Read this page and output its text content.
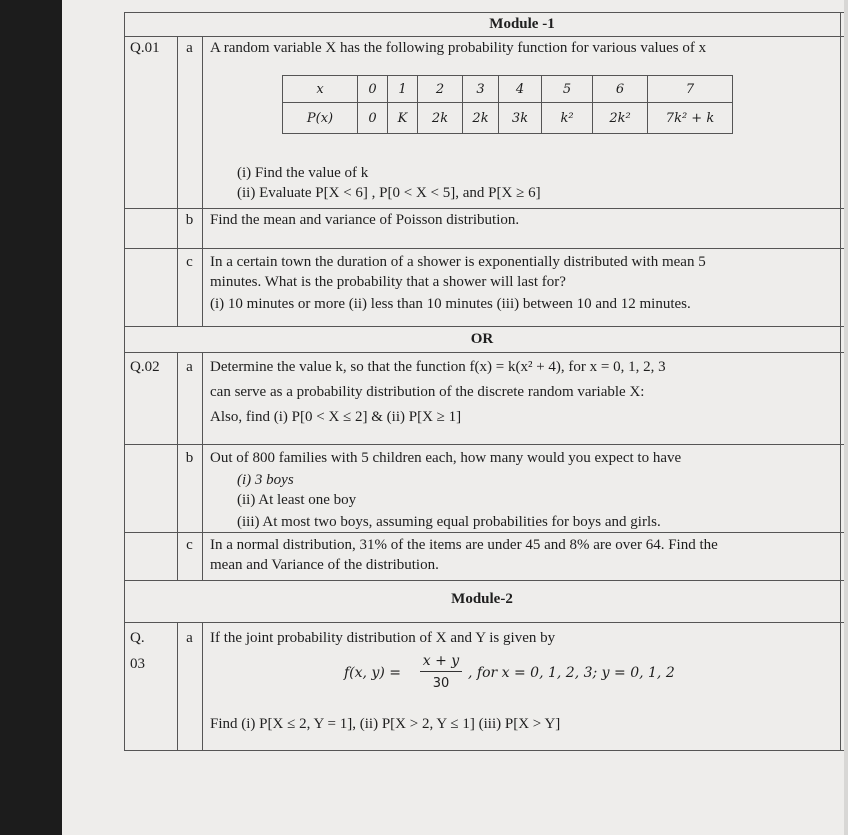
Module -1
Q.01	a	A random variable X has the following probability function for various values of x
x	0	1	2	3	4	5	6	7
P(x)	0	K	2k	2k	3k	k²	2k²	7k² + k
(i) Find the value of k
(ii) Evaluate P[X < 6] , P[0 < X < 5], and P[X ≥ 6]
b	Find the mean and variance of Poisson distribution.
c	In a certain town the duration of a shower is exponentially distributed with mean 5
minutes. What is the probability that a shower will last for?
(i) 10 minutes or more (ii) less than 10 minutes (iii) between 10 and 12 minutes.
OR
Q.02	a	Determine the value k, so that the function f(x) = k(x² + 4), for x = 0, 1, 2, 3
can serve as a probability distribution of the discrete random variable X:
Also, find (i) P[0 < X ≤ 2] & (ii) P[X ≥ 1]
b	Out of 800 families with 5 children each, how many would you expect to have
(i) 3 boys
(ii) At least one boy
(iii) At most two boys, assuming equal probabilities for boys and girls.
c	In a normal distribution, 31% of the items are under 45 and 8% are over 64. Find the
mean and Variance of the distribution.
Module-2
Q.
03
a	If the joint probability distribution of X and Y is given by
f(x, y) =
x + y
30
, for x = 0, 1, 2, 3; y = 0, 1, 2
Find (i) P[X ≤ 2, Y = 1], (ii) P[X > 2, Y ≤ 1] (iii) P[X > Y]
